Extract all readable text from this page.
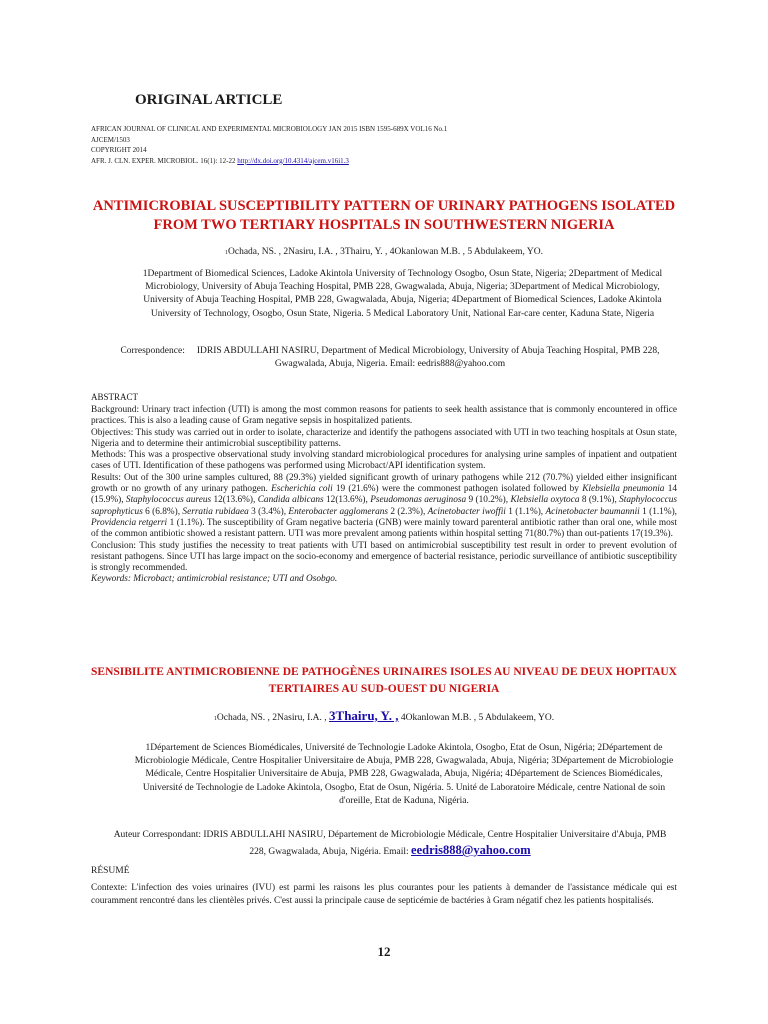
ORIGINAL ARTICLE
AFRICAN JOURNAL OF CLINICAL AND EXPERIMENTAL MICROBIOLOGY JAN 2015 ISBN 1595-689X VOL16 No.1
AJCEM/1503
COPYRIGHT 2014
AFR. J. CLN. EXPER. MICROBIOL. 16(1): 12-22 http://dx.doi.org/10.4314/ajcem.v16i1.3
ANTIMICROBIAL SUSCEPTIBILITY PATTERN OF URINARY PATHOGENS ISOLATED FROM TWO TERTIARY HOSPITALS IN SOUTHWESTERN NIGERIA
1Ochada, NS. , 2Nasiru, I.A. , 3Thairu, Y. , 4Okanlowan M.B. , 5 Abdulakeem, YO.
1Department of Biomedical Sciences, Ladoke Akintola University of Technology Osogbo, Osun State, Nigeria; 2Department of Medical Microbiology, University of Abuja Teaching Hospital, PMB 228, Gwagwalada, Abuja, Nigeria; 3Department of Medical Microbiology, University of Abuja Teaching Hospital, PMB 228, Gwagwalada, Abuja, Nigeria; 4Department of Biomedical Sciences, Ladoke Akintola University of Technology, Osogbo, Osun State, Nigeria. 5 Medical Laboratory Unit, National Ear-care center, Kaduna State, Nigeria
Correspondence: IDRIS ABDULLAHI NASIRU, Department of Medical Microbiology, University of Abuja Teaching Hospital, PMB 228, Gwagwalada, Abuja, Nigeria. Email: eedris888@yahoo.com
ABSTRACT

Background: Urinary tract infection (UTI) is among the most common reasons for patients to seek health assistance that is commonly encountered in office practices. This is also a leading cause of Gram negative sepsis in hospitalized patients.

Objectives: This study was carried out in order to isolate, characterize and identify the pathogens associated with UTI in two teaching hospitals at Osun state, Nigeria and to determine their antimicrobial susceptibility patterns.

Methods: This was a prospective observational study involving standard microbiological procedures for analysing urine samples of inpatient and outpatient cases of UTI. Identification of these pathogens was performed using Microbact/API identification system.

Results: Out of the 300 urine samples cultured, 88 (29.3%) yielded significant growth of urinary pathogens while 212 (70.7%) yielded either insignificant growth or no growth of any urinary pathogen. Escherichia coli 19 (21.6%) were the commonest pathogen isolated followed by Klebsiella pneumonia 14 (15.9%), Staphylococcus aureus 12(13.6%), Candida albicans 12(13.6%), Pseudomonas aeruginosa 9 (10.2%), Klebsiella oxytoca 8 (9.1%), Staphylococcus saprophyticus 6 (6.8%), Serratia rubidaea 3 (3.4%), Enterobacter agglomerans 2 (2.3%), Acinetobacter iwoffii 1 (1.1%), Acinetobacter baumannii 1 (1.1%), Providencia retgerri 1 (1.1%). The susceptibility of Gram negative bacteria (GNB) were mainly toward parenteral antibiotic rather than oral one, while most of the common antibiotic showed a resistant pattern. UTI was more prevalent among patients within hospital setting 71(80.7%) than out-patients 17(19.3%).

Conclusion: This study justifies the necessity to treat patients with UTI based on antimicrobial susceptibility test result in order to prevent evolution of resistant pathogens. Since UTI has large impact on the socio-economy and emergence of bacterial resistance, periodic surveillance of antibiotic susceptibility is strongly recommended.

Keywords: Microbact; antimicrobial resistance; UTI and Osobgo.

SENSIBILITE ANTIMICROBIENNE DE PATHOGÈNES URINAIRES ISOLES AU NIVEAU DE DEUX HOPITAUX TERTIAIRES AU SUD-OUEST DU NIGERIA
1Ochada, NS. , 2Nasiru, I.A. , 3Thairu, Y. , 4Okanlowan M.B. , 5 Abdulakeem, YO.
1Département de Sciences Biomédicales, Université de Technologie Ladoke Akintola, Osogbo, Etat de Osun, Nigéria; 2Département de Microbiologie Médicale, Centre Hospitalier Universitaire de Abuja, PMB 228, Gwagwalada, Abuja, Nigéria; 3Département de Microbiologie Médicale, Centre Hospitalier Universitaire de Abuja, PMB 228, Gwagwalada, Abuja, Nigéria; 4Département de Sciences Biomédicales, Université de Technologie de Ladoke Akintola, Osogbo, Etat de Osun, Nigéria. 5. Unité de Laboratoire Médicale, centre National de soin d'oreille, Etat de Kaduna, Nigéria.
Auteur Correspondant: IDRIS ABDULLAHI NASIRU, Département de Microbiologie Médicale, Centre Hospitalier Universitaire d'Abuja, PMB 228, Gwagwalada, Abuja, Nigéria. Email: eedris888@yahoo.com
RÉSUMÉ

Contexte: L'infection des voies urinaires (IVU) est parmi les raisons les plus courantes pour les patients à demander de l'assistance médicale qui est couramment rencontré dans les clientèles privés. C'est aussi la principale cause de septicémie de bactéries à Gram négatif chez les patients hospitalisés.

12
